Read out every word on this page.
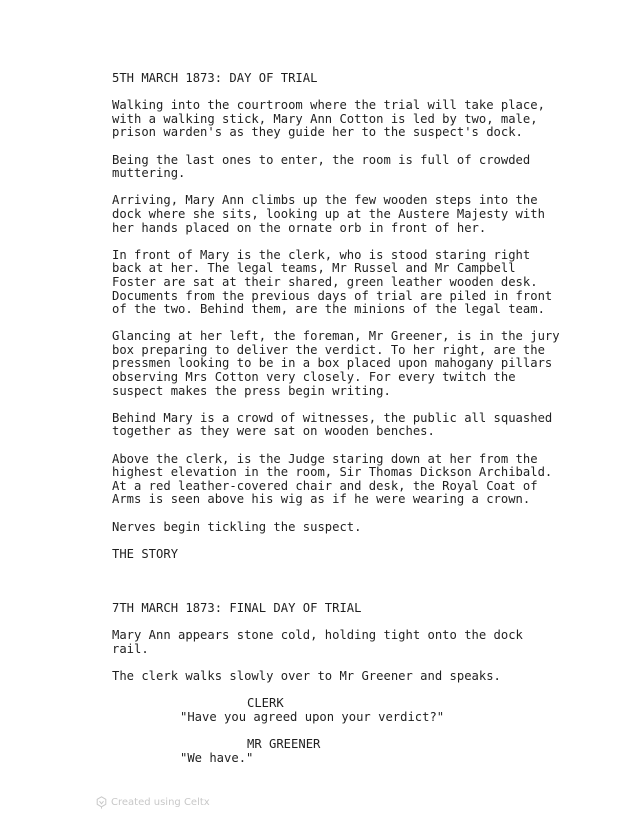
5TH MARCH 1873: DAY OF TRIAL
Walking into the courtroom where the trial will take place,
with a walking stick, Mary Ann Cotton is led by two, male,
prison warden's as they guide her to the suspect's dock.
Being the last ones to enter, the room is full of crowded
muttering.
Arriving, Mary Ann climbs up the few wooden steps into the
dock where she sits, looking up at the Austere Majesty with
her hands placed on the ornate orb in front of her.
In front of Mary is the clerk, who is stood staring right
back at her. The legal teams, Mr Russel and Mr Campbell
Foster are sat at their shared, green leather wooden desk.
Documents from the previous days of trial are piled in front
of the two. Behind them, are the minions of the legal team.
Glancing at her left, the foreman, Mr Greener, is in the jury
box preparing to deliver the verdict. To her right, are the
pressmen looking to be in a box placed upon mahogany pillars
observing Mrs Cotton very closely. For every twitch the
suspect makes the press begin writing.
Behind Mary is a crowd of witnesses, the public all squashed
together as they were sat on wooden benches.
Above the clerk, is the Judge staring down at her from the
highest elevation in the room, Sir Thomas Dickson Archibald.
At a red leather-covered chair and desk, the Royal Coat of
Arms is seen above his wig as if he were wearing a crown.
Nerves begin tickling the suspect.
THE STORY
7TH MARCH 1873: FINAL DAY OF TRIAL
Mary Ann appears stone cold, holding tight onto the dock
rail.
The clerk walks slowly over to Mr Greener and speaks.
CLERK
"Have you agreed upon your verdict?"
MR GREENER
"We have."
Created using Celtx
